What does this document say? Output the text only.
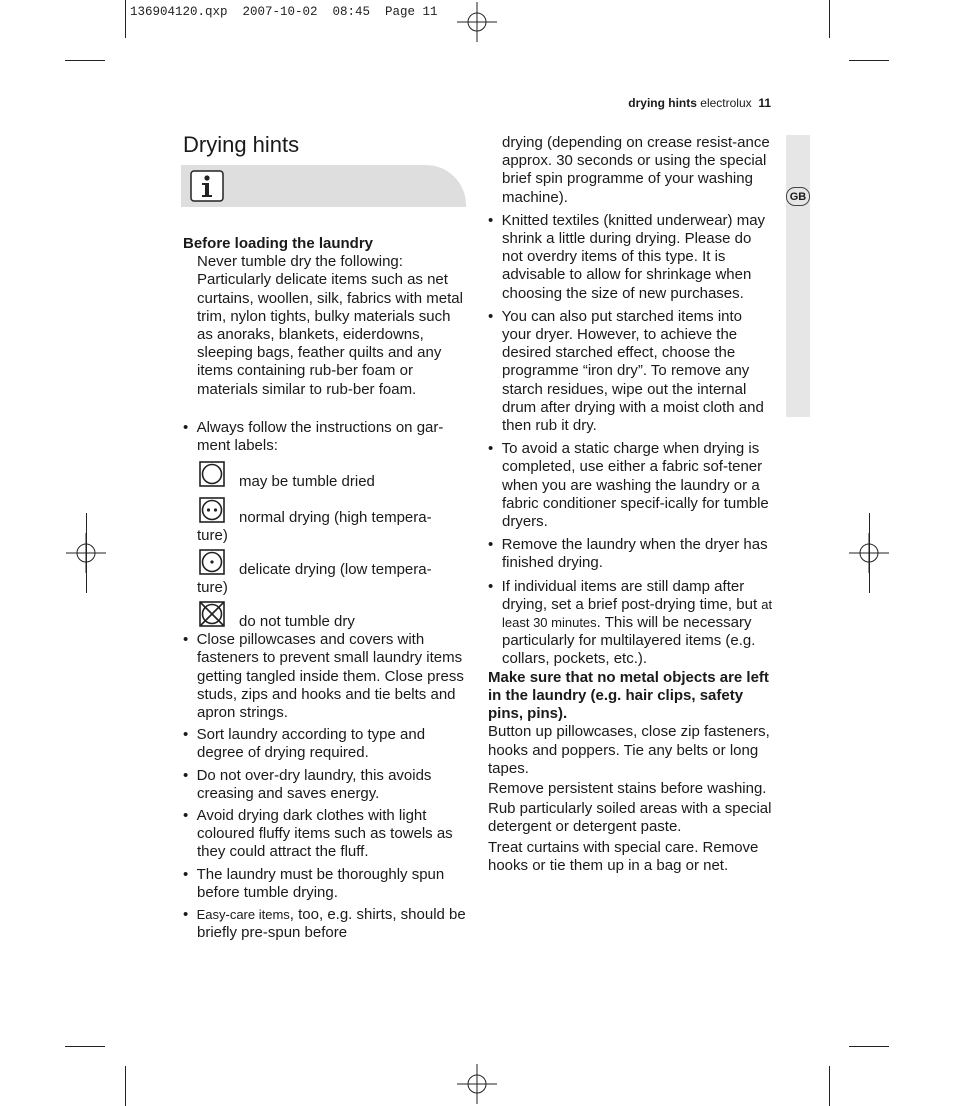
136904120.qxp  2007-10-02  08:45  Page 11
drying hints electrolux 11
GB
Drying hints

Before loading the laundry

Never tumble dry the following: Particularly delicate items such as net curtains, woollen, silk, fabrics with metal trim, nylon tights, bulky materials such as anoraks, blankets, eiderdowns, sleeping bags, feather quilts and any items containing rub-ber foam or materials similar to rub-ber foam.

•  Always follow the instructions on gar-ment labels:

may be tumble dried
normal drying (high tempera-
ture)
delicate drying (low tempera-
ture)
do not tumble dry

•  Close pillowcases and covers with fasteners to prevent small laundry items getting tangled inside them. Close press studs, zips and hooks and tie belts and apron strings.

•  Sort laundry according to type and degree of drying required.

•  Do not over-dry laundry, this avoids creasing and saves energy.

•  Avoid drying dark clothes with light coloured fluffy items such as towels as they could attract the fluff.

•  The laundry must be thoroughly spun before tumble drying.

•  Easy-care items, too, e.g. shirts, should be briefly pre-spun before

drying (depending on crease resist-ance approx. 30 seconds or using the special brief spin programme of your washing machine).

•  Knitted textiles (knitted underwear) may shrink a little during drying. Please do not overdry items of this type. It is advisable to allow for shrinkage when choosing the size of new purchases.

•  You can also put starched items into your dryer. However, to achieve the desired starched effect, choose the programme “iron dry”. To remove any starch residues, wipe out the internal drum after drying with a moist cloth and then rub it dry.

•  To avoid a static charge when drying is completed, use either a fabric sof-tener when you are washing the laundry or a fabric conditioner specif-ically for tumble dryers.

•  Remove the laundry when the dryer has finished drying.

•  If individual items are still damp after drying, set a brief post-drying time, but at least 30 minutes. This will be necessary particularly for multilayered items (e.g. collars, pockets, etc.).

Make sure that no metal objects are left in the laundry (e.g. hair clips, safety pins, pins).

Button up pillowcases, close zip fasteners, hooks and poppers. Tie any belts or long tapes.

Remove persistent stains before washing.

Rub particularly soiled areas with a special detergent or detergent paste.

Treat curtains with special care. Remove hooks or tie them up in a bag or net.
